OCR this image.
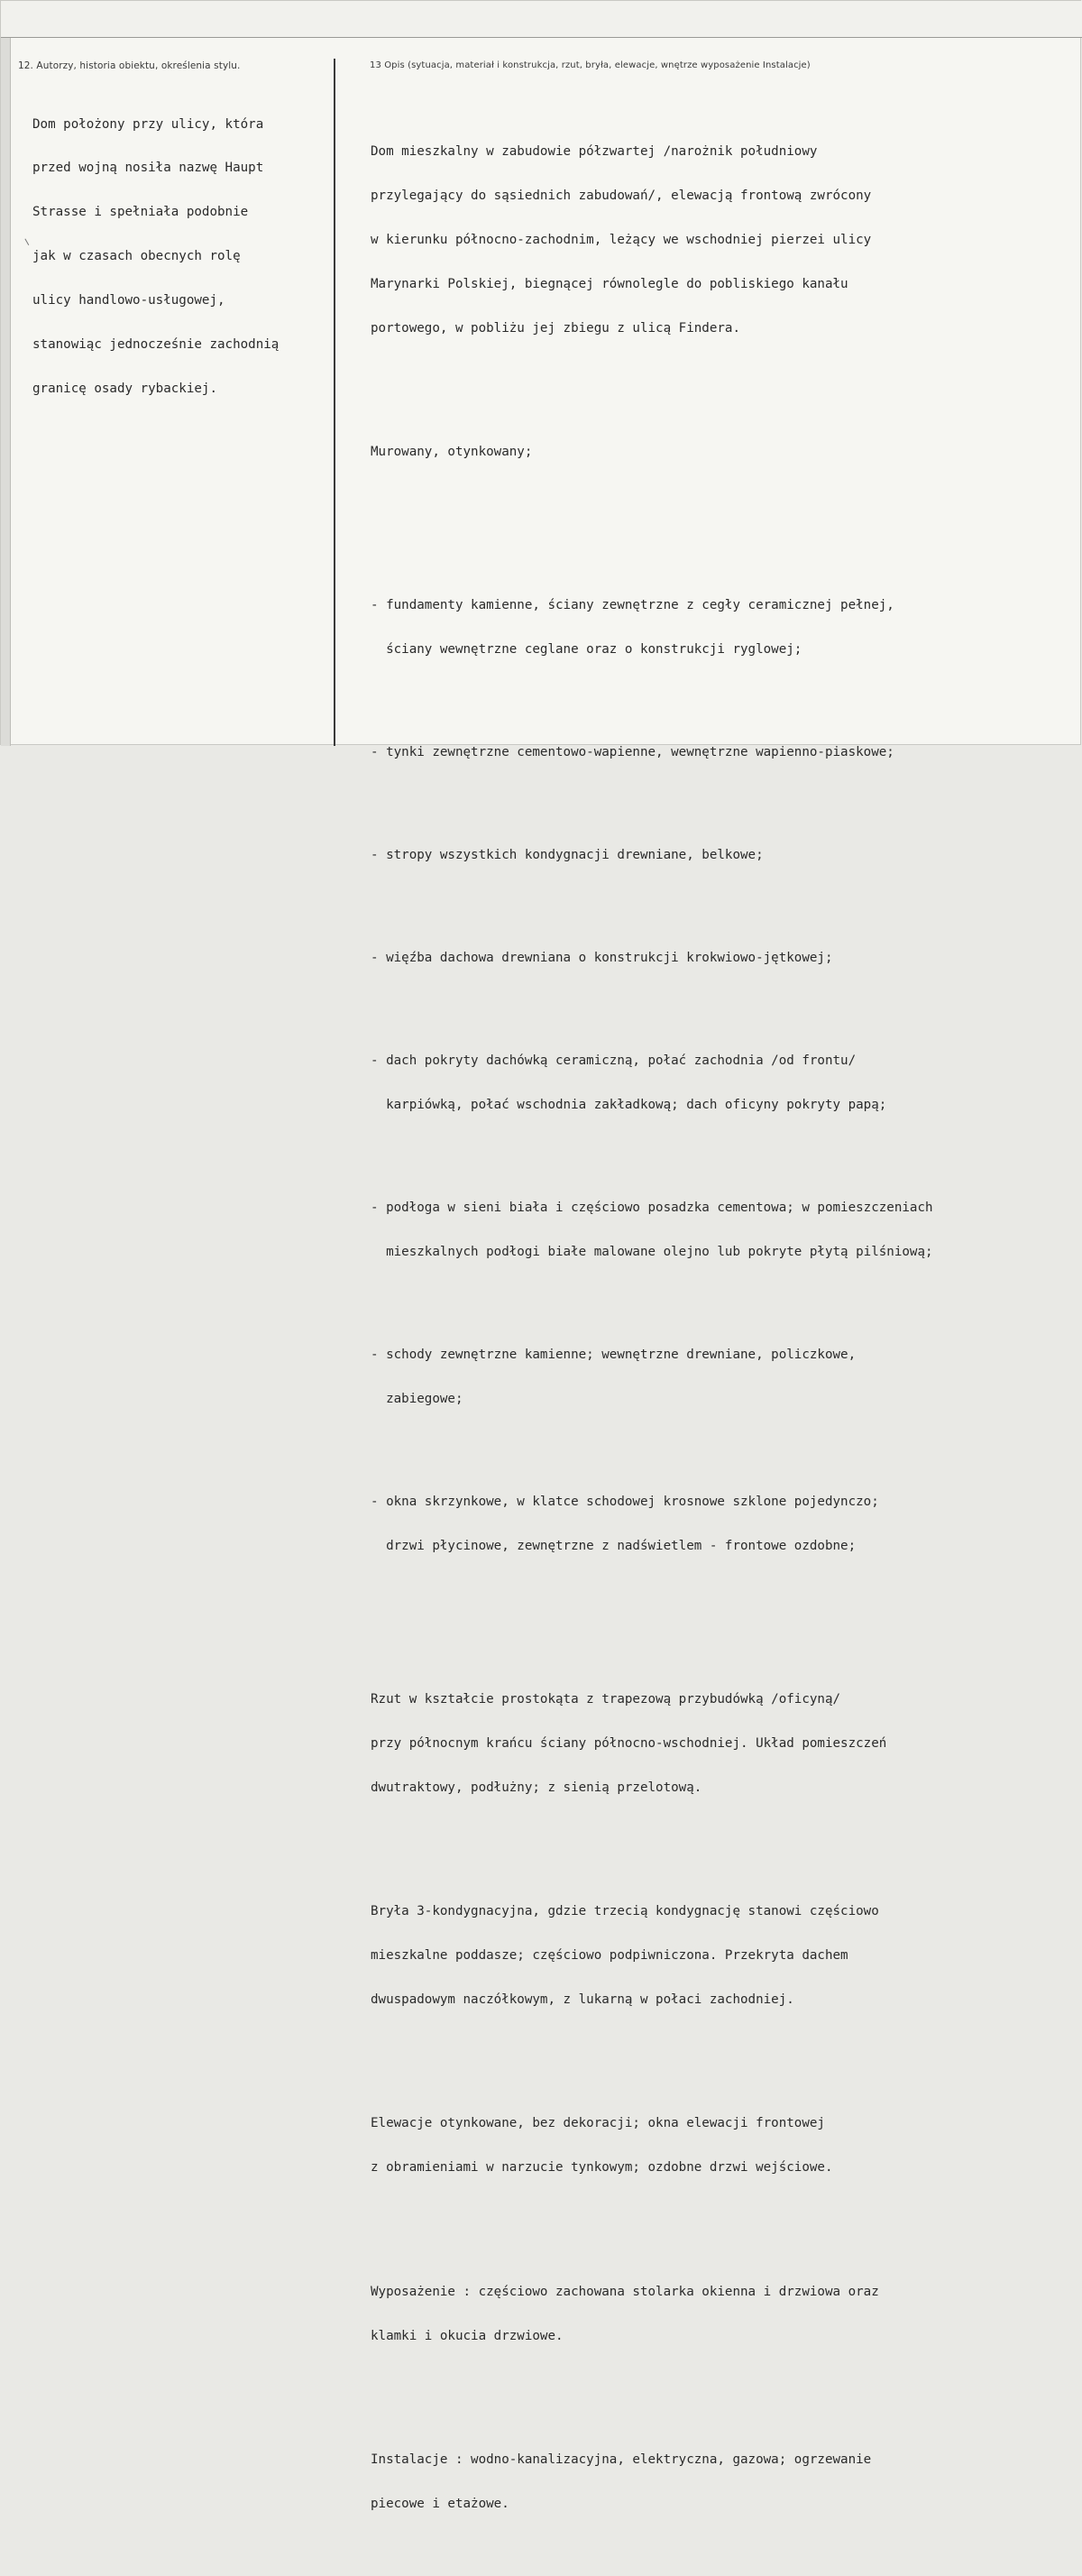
12. Autorzy, historia obiektu, określenia stylu.	13 Opis (sytuacja, materiał i konstrukcja, rzut, bryła, elewacje, wnętrze wyposażenie Instalacje)

Dom położony przy ulicy, która

przed wojną nosiła nazwę Haupt

Strasse i spełniała podobnie

jak w czasach obecnych rolę

ulicy handlowo-usługowej,

stanowiąc jednocześnie zachodnią

granicę osady rybackiej.

Dom mieszkalny w zabudowie półzwartej /narożnik południowy

przylegający do sąsiednich zabudowań/, elewacją frontową zwrócony

w kierunku północno-zachodnim, leżący we wschodniej pierzei ulicy

Marynarki Polskiej, biegnącej równolegle do pobliskiego kanału

portowego, w pobliżu jej zbiegu z ulicą Findera.

Murowany, otynkowany;

- fundamenty kamienne, ściany zewnętrzne z cegły ceramicznej pełnej,

ściany wewnętrzne ceglane oraz o konstrukcji ryglowej;

- tynki zewnętrzne cementowo-wapienne, wewnętrzne wapienno-piaskowe;

- stropy wszystkich kondygnacji drewniane, belkowe;

- więźba dachowa drewniana o konstrukcji krokwiowo-jętkowej;

- dach pokryty dachówką ceramiczną, połać zachodnia /od frontu/

karpiówką, połać wschodnia zakładkową; dach oficyny pokryty papą;

- podłoga w sieni biała i częściowo posadzka cementowa; w pomieszczeniach

mieszkalnych podłogi białe malowane olejno lub pokryte płytą pilśniową;

- schody zewnętrzne kamienne; wewnętrzne drewniane, policzkowe,

zabiegowe;

- okna skrzynkowe, w klatce schodowej krosnowe szklone pojedynczo;

drzwi płycinowe, zewnętrzne z nadświetlem - frontowe ozdobne;

Rzut w kształcie prostokąta z trapezową przybudówką /oficyną/

przy północnym krańcu ściany północno-wschodniej. Układ pomieszczeń

dwutraktowy, podłużny; z sienią przelotową.

Bryła 3-kondygnacyjna, gdzie trzecią kondygnację stanowi częściowo

mieszkalne poddasze; częściowo podpiwniczona. Przekryta dachem

dwuspadowym naczółkowym, z lukarną w połaci zachodniej.

Elewacje otynkowane, bez dekoracji; okna elewacji frontowej

z obramieniami w narzucie tynkowym; ozdobne drzwi wejściowe.

Wyposażenie : częściowo zachowana stolarka okienna i drzwiowa oraz

klamki i okucia drzwiowe.

Instalacje : wodno-kanalizacyjna, elektryczna, gazowa; ogrzewanie

piecowe i etażowe.
